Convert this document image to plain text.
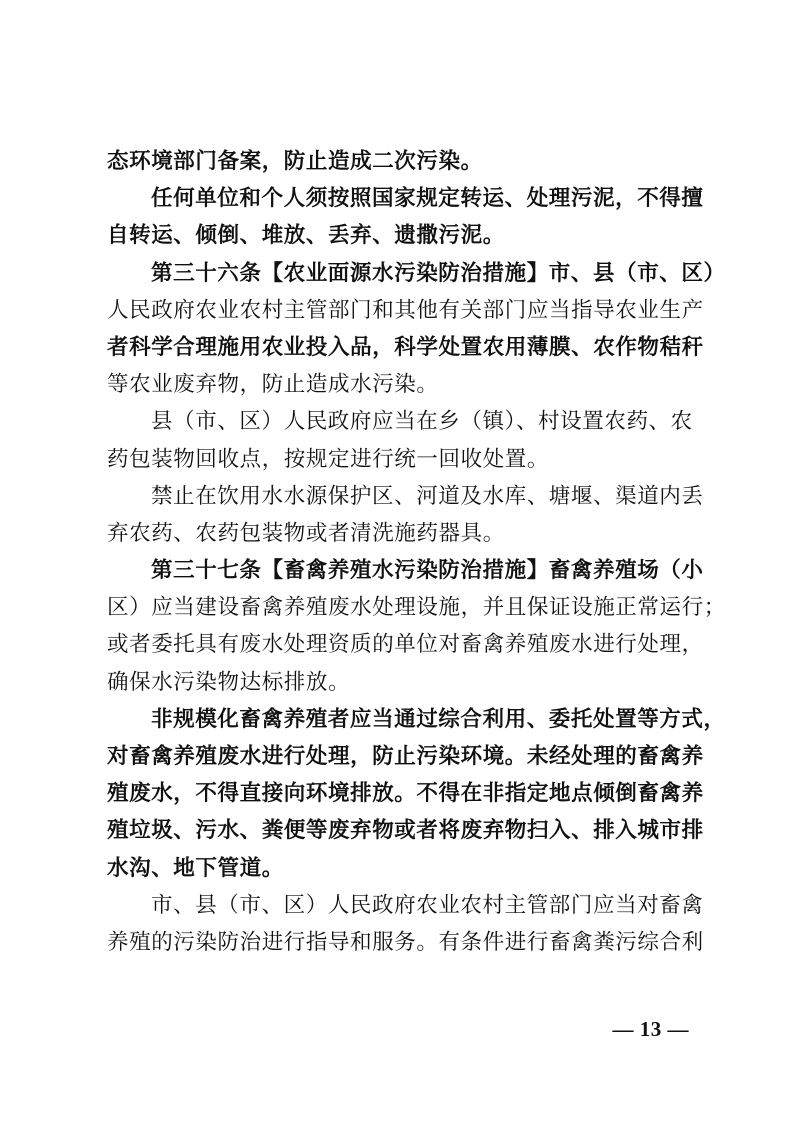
态环境部门备案，防止造成二次污染。
任何单位和个人须按照国家规定转运、处理污泥，不得擅
自转运、倾倒、堆放、丢弃、遗撒污泥。
第三十六条【农业面源水污染防治措施】市、县（市、区）
人民政府农业农村主管部门和其他有关部门应当指导农业生产
者科学合理施用农业投入品，科学处置农用薄膜、农作物秸秆
等农业废弃物，防止造成水污染。
县（市、区）人民政府应当在乡（镇）、村设置农药、农
药包装物回收点，按规定进行统一回收处置。
禁止在饮用水水源保护区、河道及水库、塘堰、渠道内丢
弃农药、农药包装物或者清洗施药器具。
第三十七条【畜禽养殖水污染防治措施】畜禽养殖场（小
区）应当建设畜禽养殖废水处理设施，并且保证设施正常运行；
或者委托具有废水处理资质的单位对畜禽养殖废水进行处理，
确保水污染物达标排放。
非规模化畜禽养殖者应当通过综合利用、委托处置等方式，
对畜禽养殖废水进行处理，防止污染环境。未经处理的畜禽养
殖废水，不得直接向环境排放。不得在非指定地点倾倒畜禽养
殖垃圾、污水、粪便等废弃物或者将废弃物扫入、排入城市排
水沟、地下管道。
市、县（市、区）人民政府农业农村主管部门应当对畜禽
养殖的污染防治进行指导和服务。有条件进行畜禽粪污综合利
— 13 —
